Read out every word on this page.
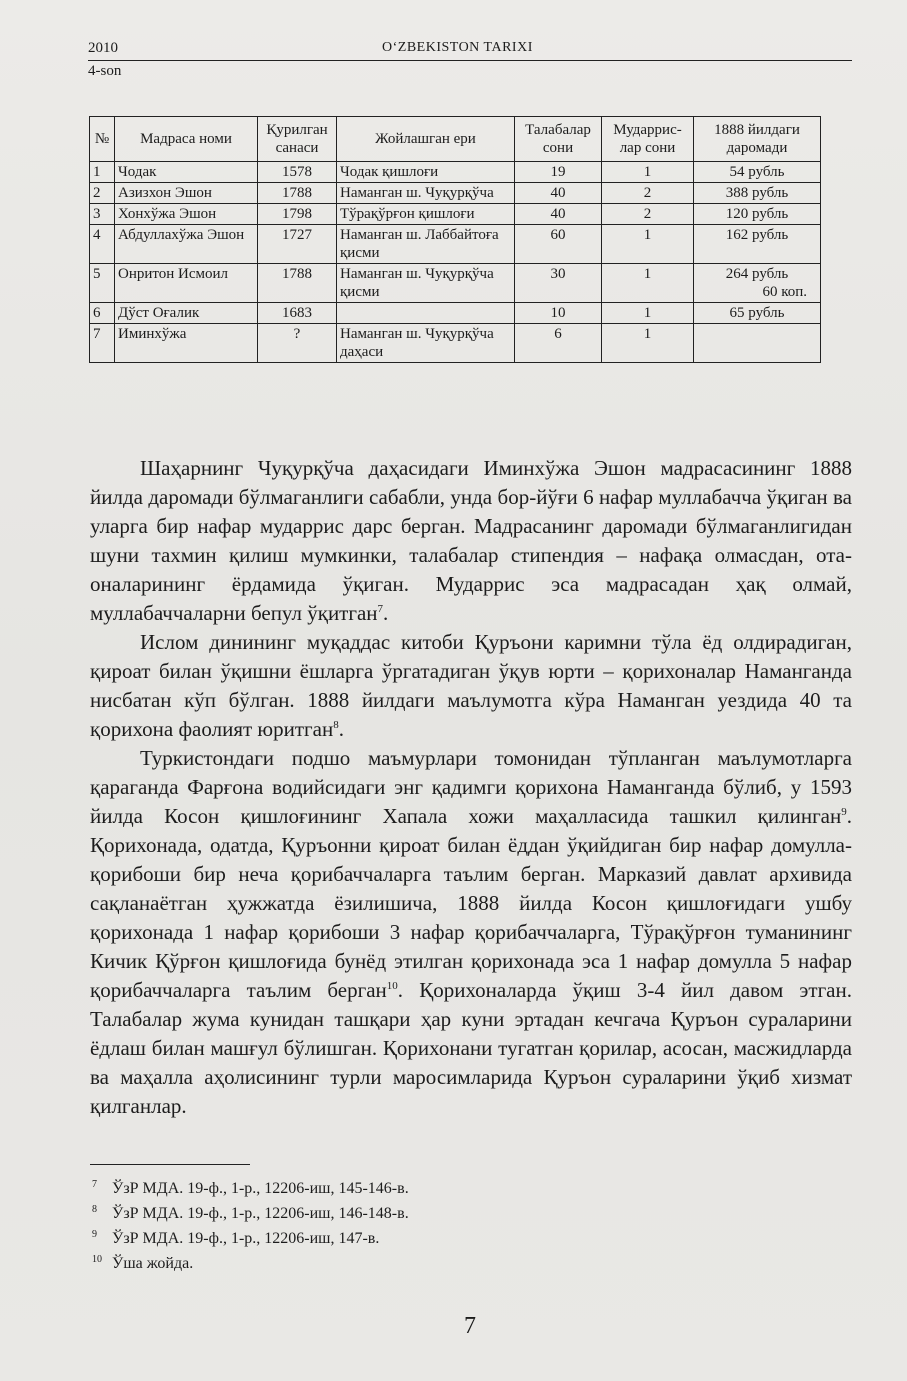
2010	O‘ZBEKISTON TARIXI
4-son
№	Мадраса номи	Қурилган санаси	Жойлашган ери	Талабалар сони	Мударрис-лар сони	1888 йилдаги даромади
1	Чодак	1578	Чодак қишлоғи	19	1	54 рубль

2	Азизхон Эшон	1788	Наманган ш. Чуқурқўча	40	2	388 рубль

3	Хонхўжа Эшон	1798	Тўрақўрғон қишлоғи	40	2	120 рубль

4	Абдуллахўжа Эшон	1727	Наманган ш. Лаббайтоға қисми	60	1	162 рубль

5	Онритон Исмоил	1788	Наманган ш. Чуқурқўча қисми	30	1	264 рубль
60 коп.

6	Дўст Оғалик	1683		10	1	65 рубль

7	Иминхўжа	?	Наманган ш. Чуқурқўча даҳаси	6	1	

Шаҳарнинг Чуқурқўча даҳасидаги Иминхўжа Эшон мадрасасининг 1888 йилда даромади бўлмаганлиги сабабли, унда бор-йўғи 6 нафар муллабачча ўқиган ва уларга бир нафар мударрис дарс берган. Мадрасанинг даромади бўлмаганлигидан шуни тахмин қилиш мумкинки, талабалар стипендия – нафақа олмасдан, ота-оналарининг ёрдамида ўқиган. Мударрис эса мадрасадан ҳақ олмай, муллабаччаларни бепул ўқитган$^7$.

Ислом динининг муқаддас китоби Қуръони каримни тўла ёд олдирадиган, қироат билан ўқишни ёшларга ўргатадиган ўқув юрти – қорихоналар Наманганда нисбатан кўп бўлган. 1888 йилдаги маълумотга кўра Наманган уездида 40 та қорихона фаолият юритган$^8$.

Туркистондаги подшо маъмурлари томонидан тўпланган маълумотларга қараганда Фарғона водийсидаги энг қадимги қорихона Наманганда бўлиб, у 1593 йилда Косон қишлоғининг Хапала хожи маҳалласида ташкил қилинган$^9$. Қорихонада, одатда, Қуръонни қироат билан ёддан ўқийдиган бир нафар домулла-қорибоши бир неча қорибаччаларга таълим берган. Марказий давлат архивида сақланаётган ҳужжатда ёзилишича, 1888 йилда Косон қишлоғидаги ушбу қорихонада 1 нафар қорибоши 3 нафар қорибаччаларга, Тўрақўрғон туманининг Кичик Қўрғон қишлоғида бунёд этилган қорихонада эса 1 нафар домулла 5 нафар қорибаччаларга таълим берган$^{10}$. Қорихоналарда ўқиш 3-4 йил давом этган. Талабалар жума кунидан ташқари ҳар куни эртадан кечгача Қуръон сураларини ёдлаш билан машғул бўлишган. Қорихонани тугатган қорилар, асосан, масжидларда ва маҳалла аҳолисининг турли маросимларида Қуръон сураларини ўқиб хизмат қилганлар.

7 ЎзР МДА. 19-ф., 1-р., 12206-иш, 145-146-в.
8 ЎзР МДА. 19-ф., 1-р., 12206-иш, 146-148-в.
9 ЎзР МДА. 19-ф., 1-р., 12206-иш, 147-в.
10 Ўша жойда.
7
